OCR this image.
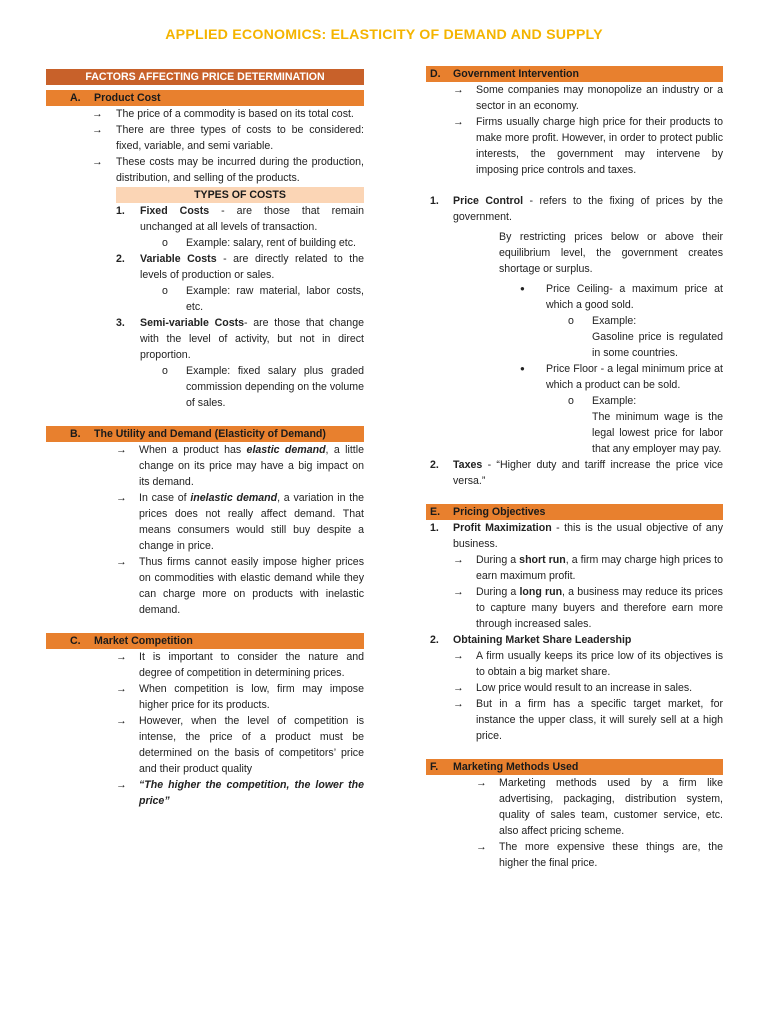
APPLIED ECONOMICS: ELASTICITY OF DEMAND AND SUPPLY
FACTORS AFFECTING PRICE DETERMINATION
A.	Product Cost
→	The price of a commodity is based on its total cost.
→	There are three types of costs to be considered: fixed, variable, and semi variable.
→	These costs may be incurred during the production, distribution, and selling of the products.
TYPES OF COSTS
1.	Fixed Costs - are those that remain unchanged at all levels of transaction.
o	Example: salary, rent of building etc.
2.	Variable Costs - are directly related to the levels of production or sales.
o	Example: raw material, labor costs, etc.
3.	Semi-variable Costs- are those that change with the level of activity, but not in direct proportion.
o	Example: fixed salary plus graded commission depending on the volume of sales.
B.	The Utility and Demand (Elasticity of Demand)
→	When a product has elastic demand, a little change on its price may have a big impact on its demand.
→	In case of inelastic demand, a variation in the prices does not really affect demand. That means consumers would still buy despite a change in price.
→	Thus firms cannot easily impose higher prices on commodities with elastic demand while they can charge more on products with inelastic demand.
C.	Market Competition
→	It is important to consider the nature and degree of competition in determining prices.
→	When competition is low, firm may impose higher price for its products.
→	However, when the level of competition is intense, the price of a product must be determined on the basis of competitors’ price and their product quality
→	“The higher the competition, the lower the price”
D.	Government Intervention
→	Some companies may monopolize an industry or a sector in an economy.
→	Firms usually charge high price for their products to make more profit. However, in order to protect public interests, the government may intervene by imposing price controls and taxes.
1.	Price Control - refers to the fixing of prices by the government.
By restricting prices below or above their equilibrium level, the government creates shortage or surplus.
●	Price Ceiling- a maximum price at which a good sold.
o	Example:
Gasoline price is regulated in some countries.
●	Price Floor - a legal minimum price at which a product can be sold.
o	Example:
The minimum wage is the legal lowest price for labor that any employer may pay.
2.	Taxes - “Higher duty and tariff increase the price vice versa.”
E.	Pricing Objectives
1.	Profit Maximization - this is the usual objective of any business.
→	During a short run, a firm may charge high prices to earn maximum profit.
→	During a long run, a business may reduce its prices to capture many buyers and therefore earn more through increased sales.
2.	Obtaining Market Share Leadership
→	A firm usually keeps its price low of its objectives is to obtain a big market share.
→	Low price would result to an increase in sales.
→	But in a firm has a specific target market, for instance the upper class, it will surely sell at a high price.
F.	Marketing Methods Used
→	Marketing methods used by a firm like advertising, packaging, distribution system, quality of sales team, customer service, etc. also affect pricing scheme.
→	The more expensive these things are, the higher the final price.
